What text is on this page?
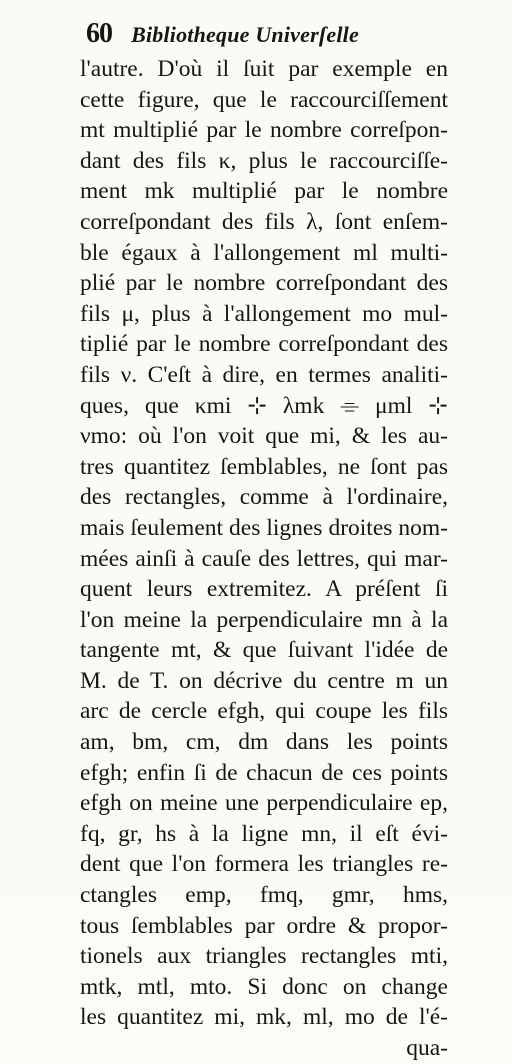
60 Bibliotheque Univerſelle
l'autre. D'où il ſuit par exemple en
cette figure, que le raccourciſſement
mt multiplié par le nombre correſpon-
dant des fils κ, plus le raccourciſſe-
ment mk multiplié par le nombre
correſpondant des fils λ, ſont enſem-
ble égaux à l'allongement ml multi-
plié par le nombre correſpondant des
fils μ, plus à l'allongement mo mul-
tiplié par le nombre correſpondant des
fils ν. C'eſt à dire, en termes analiti-
ques, que κmi ⊹ λmk ⌯ μml ⊹
νmo: où l'on voit que mi, & les au-
tres quantitez ſemblables, ne ſont pas
des rectangles, comme à l'ordinaire,
mais ſeulement des lignes droites nom-
mées ainſi à cauſe des lettres, qui mar-
quent leurs extremitez. A préſent ſi
l'on meine la perpendiculaire mn à la
tangente mt, & que ſuivant l'idée de
M. de T. on décrive du centre m un
arc de cercle efgh, qui coupe les fils
am, bm, cm, dm dans les points
efgh; enfin ſi de chacun de ces points
efgh on meine une perpendiculaire ep,
fq, gr, hs à la ligne mn, il eſt évi-
dent que l'on formera les triangles re-
ctangles emp, fmq, gmr, hms,
tous ſemblables par ordre & propor-
tionels aux triangles rectangles mti,
mtk, mtl, mto. Si donc on change
les quantitez mi, mk, ml, mo de l'é-
qua-
